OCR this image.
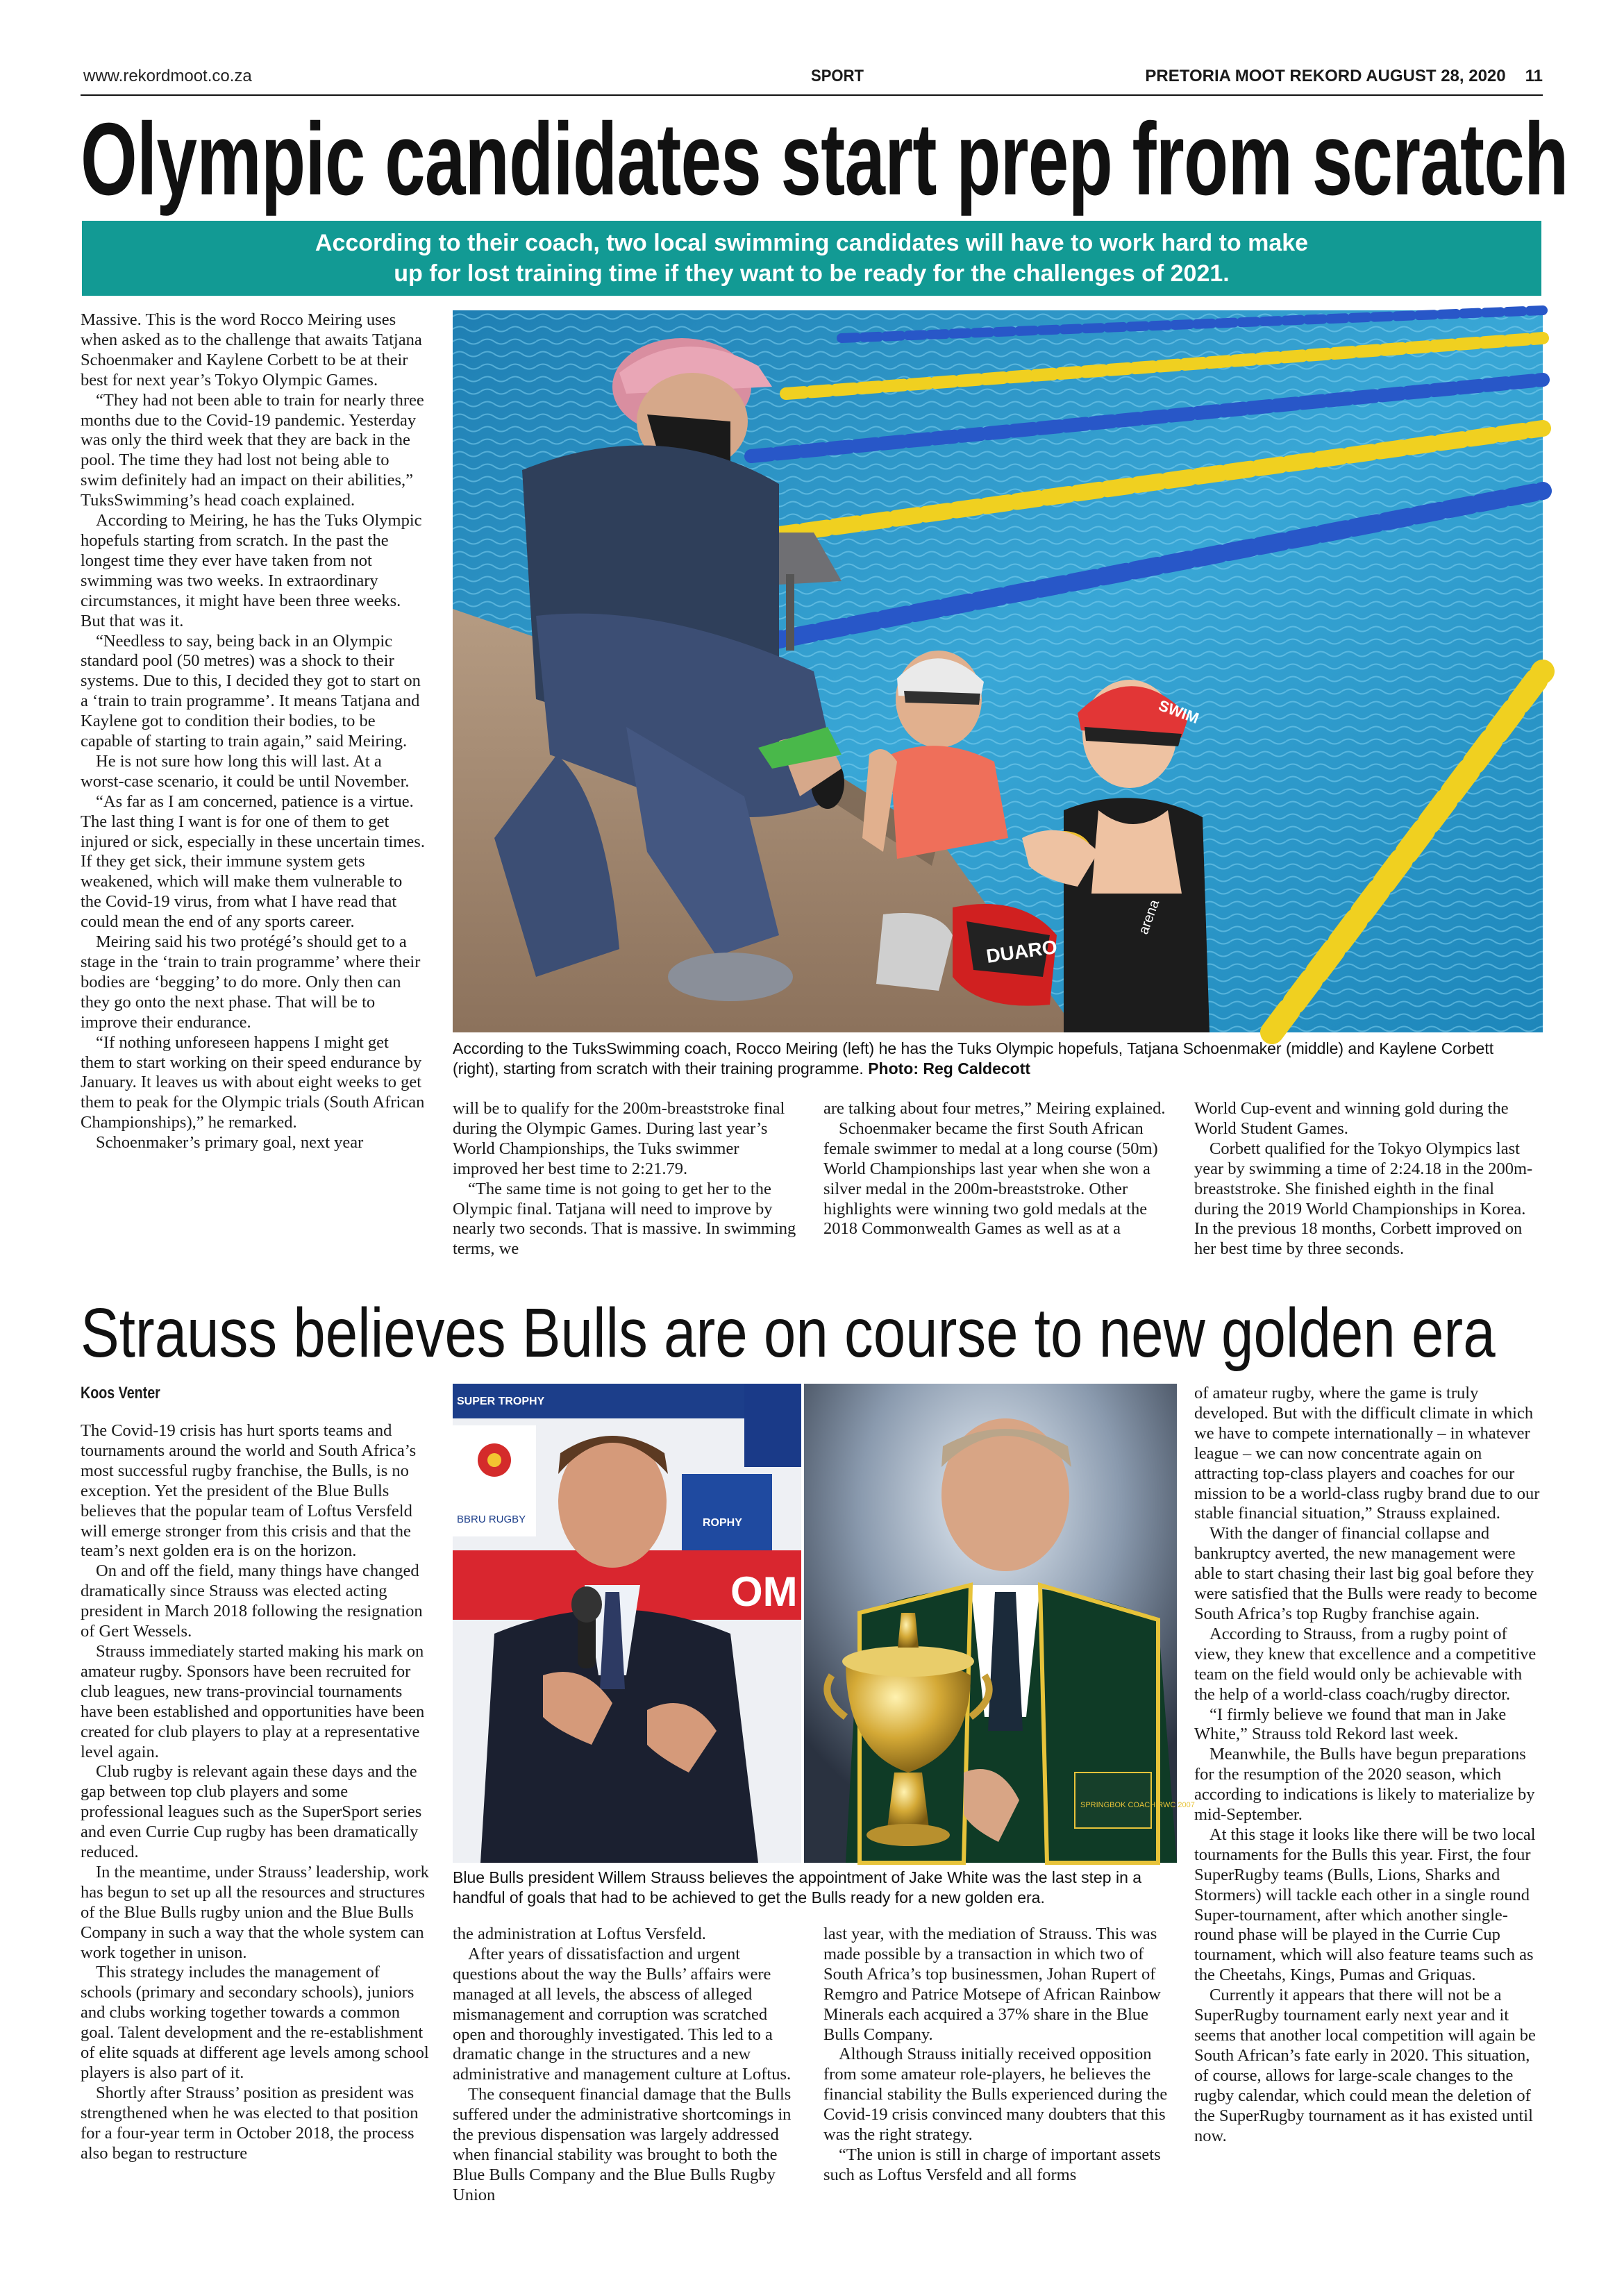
www.rekordmoot.co.za	SPORT	PRETORIA MOOT REKORD AUGUST 28, 2020 11
Olympic candidates start prep from scratch
According to their coach, two local swimming candidates will have to work hard to make up for lost training time if they want to be ready for the challenges of 2021.

Massive. This is the word Rocco Meiring uses when asked as to the challenge that awaits Tatjana Schoenmaker and Kaylene Corbett to be at their best for next year’s Tokyo Olympic Games.

“They had not been able to train for nearly three months due to the Covid-19 pandemic. Yesterday was only the third week that they are back in the pool. The time they had lost not being able to swim definitely had an impact on their abilities,” TuksSwimming’s head coach explained.

According to Meiring, he has the Tuks Olympic hopefuls starting from scratch. In the past the longest time they ever have taken from not swimming was two weeks. In extraordinary circumstances, it might have been three weeks. But that was it.

“Needless to say, being back in an Olympic standard pool (50 metres) was a shock to their systems. Due to this, I decided they got to start on a ‘train to train programme’. It means Tatjana and Kaylene got to condition their bodies, to be capable of starting to train again,” said Meiring.

He is not sure how long this will last. At a worst-case scenario, it could be until November.

“As far as I am concerned, patience is a virtue. The last thing I want is for one of them to get injured or sick, especially in these uncertain times. If they get sick, their immune system gets weakened, which will make them vulnerable to the Covid-19 virus, from what I have read that could mean the end of any sports career.

Meiring said his two protégé’s should get to a stage in the ‘train to train programme’ where their bodies are ‘begging’ to do more. Only then can they go onto the next phase. That will be to improve their endurance.

“If nothing unforeseen happens I might get them to start working on their speed endurance by January. It leaves us with about eight weeks to get them to peak for the Olympic trials (South African Championships),” he remarked.

Schoenmaker’s primary goal, next year

SWIM
arena
DUARO
According to the TuksSwimming coach, Rocco Meiring (left) he has the Tuks Olympic hopefuls, Tatjana Schoenmaker (middle) and Kaylene Corbett (right), starting from scratch with their training programme. Photo: Reg Caldecott

will be to qualify for the 200m-breaststroke final during the Olympic Games. During last year’s World Championships, the Tuks swimmer improved her best time to 2:21.79.

“The same time is not going to get her to the Olympic final. Tatjana will need to improve by nearly two seconds. That is massive. In swimming terms, we

are talking about four metres,” Meiring explained.

Schoenmaker became the first South African female swimmer to medal at a long course (50m) World Championships last year when she won a silver medal in the 200m-breaststroke. Other highlights were winning two gold medals at the 2018 Commonwealth Games as well as at a

World Cup-event and winning gold during the World Student Games.

Corbett qualified for the Tokyo Olympics last year by swimming a time of 2:24.18 in the 200m-breaststroke. She finished eighth in the final during the 2019 World Championships in Korea. In the previous 18 months, Corbett improved on her best time by three seconds.

Strauss believes Bulls are on course to new golden era
Koos Venter

The Covid-19 crisis has hurt sports teams and tournaments around the world and South Africa’s most successful rugby franchise, the Bulls, is no exception. Yet the president of the Blue Bulls believes that the popular team of Loftus Versfeld will emerge stronger from this crisis and that the team’s next golden era is on the horizon.

On and off the field, many things have changed dramatically since Strauss was elected acting president in March 2018 following the resignation of Gert Wessels.

Strauss immediately started making his mark on amateur rugby. Sponsors have been recruited for club leagues, new trans-provincial tournaments have been established and opportunities have been created for club players to play at a representative level again.

Club rugby is relevant again these days and the gap between top club players and some professional leagues such as the SuperSport series and even Currie Cup rugby has been dramatically reduced.

In the meantime, under Strauss’ leadership, work has begun to set up all the resources and structures of the Blue Bulls rugby union and the Blue Bulls Company in such a way that the whole system can work together in unison.

This strategy includes the management of schools (primary and secondary schools), juniors and clubs working together towards a common goal. Talent development and the re-establishment of elite squads at different age levels among school players is also part of it.

Shortly after Strauss’ position as president was strengthened when he was elected to that position for a four-year term in October 2018, the process also began to restructure

SUPER TROPHY
BBRU RUGBY	ROPHY
OM
SPRINGBOK COACH RWC 2007
Blue Bulls president Willem Strauss believes the appointment of Jake White was the last step in a handful of goals that had to be achieved to get the Bulls ready for a new golden era.

the administration at Loftus Versfeld.

After years of dissatisfaction and urgent questions about the way the Bulls’ affairs were managed at all levels, the abscess of alleged mismanagement and corruption was scratched open and thoroughly investigated. This led to a dramatic change in the structures and a new administrative and management culture at Loftus.

The consequent financial damage that the Bulls suffered under the administrative shortcomings in the previous dispensation was largely addressed when financial stability was brought to both the Blue Bulls Company and the Blue Bulls Rugby Union

last year, with the mediation of Strauss. This was made possible by a transaction in which two of South Africa’s top businessmen, Johan Rupert of Remgro and Patrice Motsepe of African Rainbow Minerals each acquired a 37% share in the Blue Bulls Company.

Although Strauss initially received opposition from some amateur role-players, he believes the financial stability the Bulls experienced during the Covid-19 crisis convinced many doubters that this was the right strategy.

“The union is still in charge of important assets such as Loftus Versfeld and all forms

of amateur rugby, where the game is truly developed. But with the difficult climate in which we have to compete internationally – in whatever league – we can now concentrate again on attracting top-class players and coaches for our mission to be a world-class rugby brand due to our stable financial situation,” Strauss explained.

With the danger of financial collapse and bankruptcy averted, the new management were able to start chasing their last big goal before they were satisfied that the Bulls were ready to become South Africa’s top Rugby franchise again.

According to Strauss, from a rugby point of view, they knew that excellence and a competitive team on the field would only be achievable with the help of a world-class coach/rugby director.

“I firmly believe we found that man in Jake White,” Strauss told Rekord last week.

Meanwhile, the Bulls have begun preparations for the resumption of the 2020 season, which according to indications is likely to materialize by mid-September.

At this stage it looks like there will be two local tournaments for the Bulls this year. First, the four SuperRugby teams (Bulls, Lions, Sharks and Stormers) will tackle each other in a single round Super-tournament, after which another single-round phase will be played in the Currie Cup tournament, which will also feature teams such as the Cheetahs, Kings, Pumas and Griquas.

Currently it appears that there will not be a SuperRugby tournament early next year and it seems that another local competition will again be South African’s fate early in 2020. This situation, of course, allows for large-scale changes to the rugby calendar, which could mean the deletion of the SuperRugby tournament as it has existed until now.
